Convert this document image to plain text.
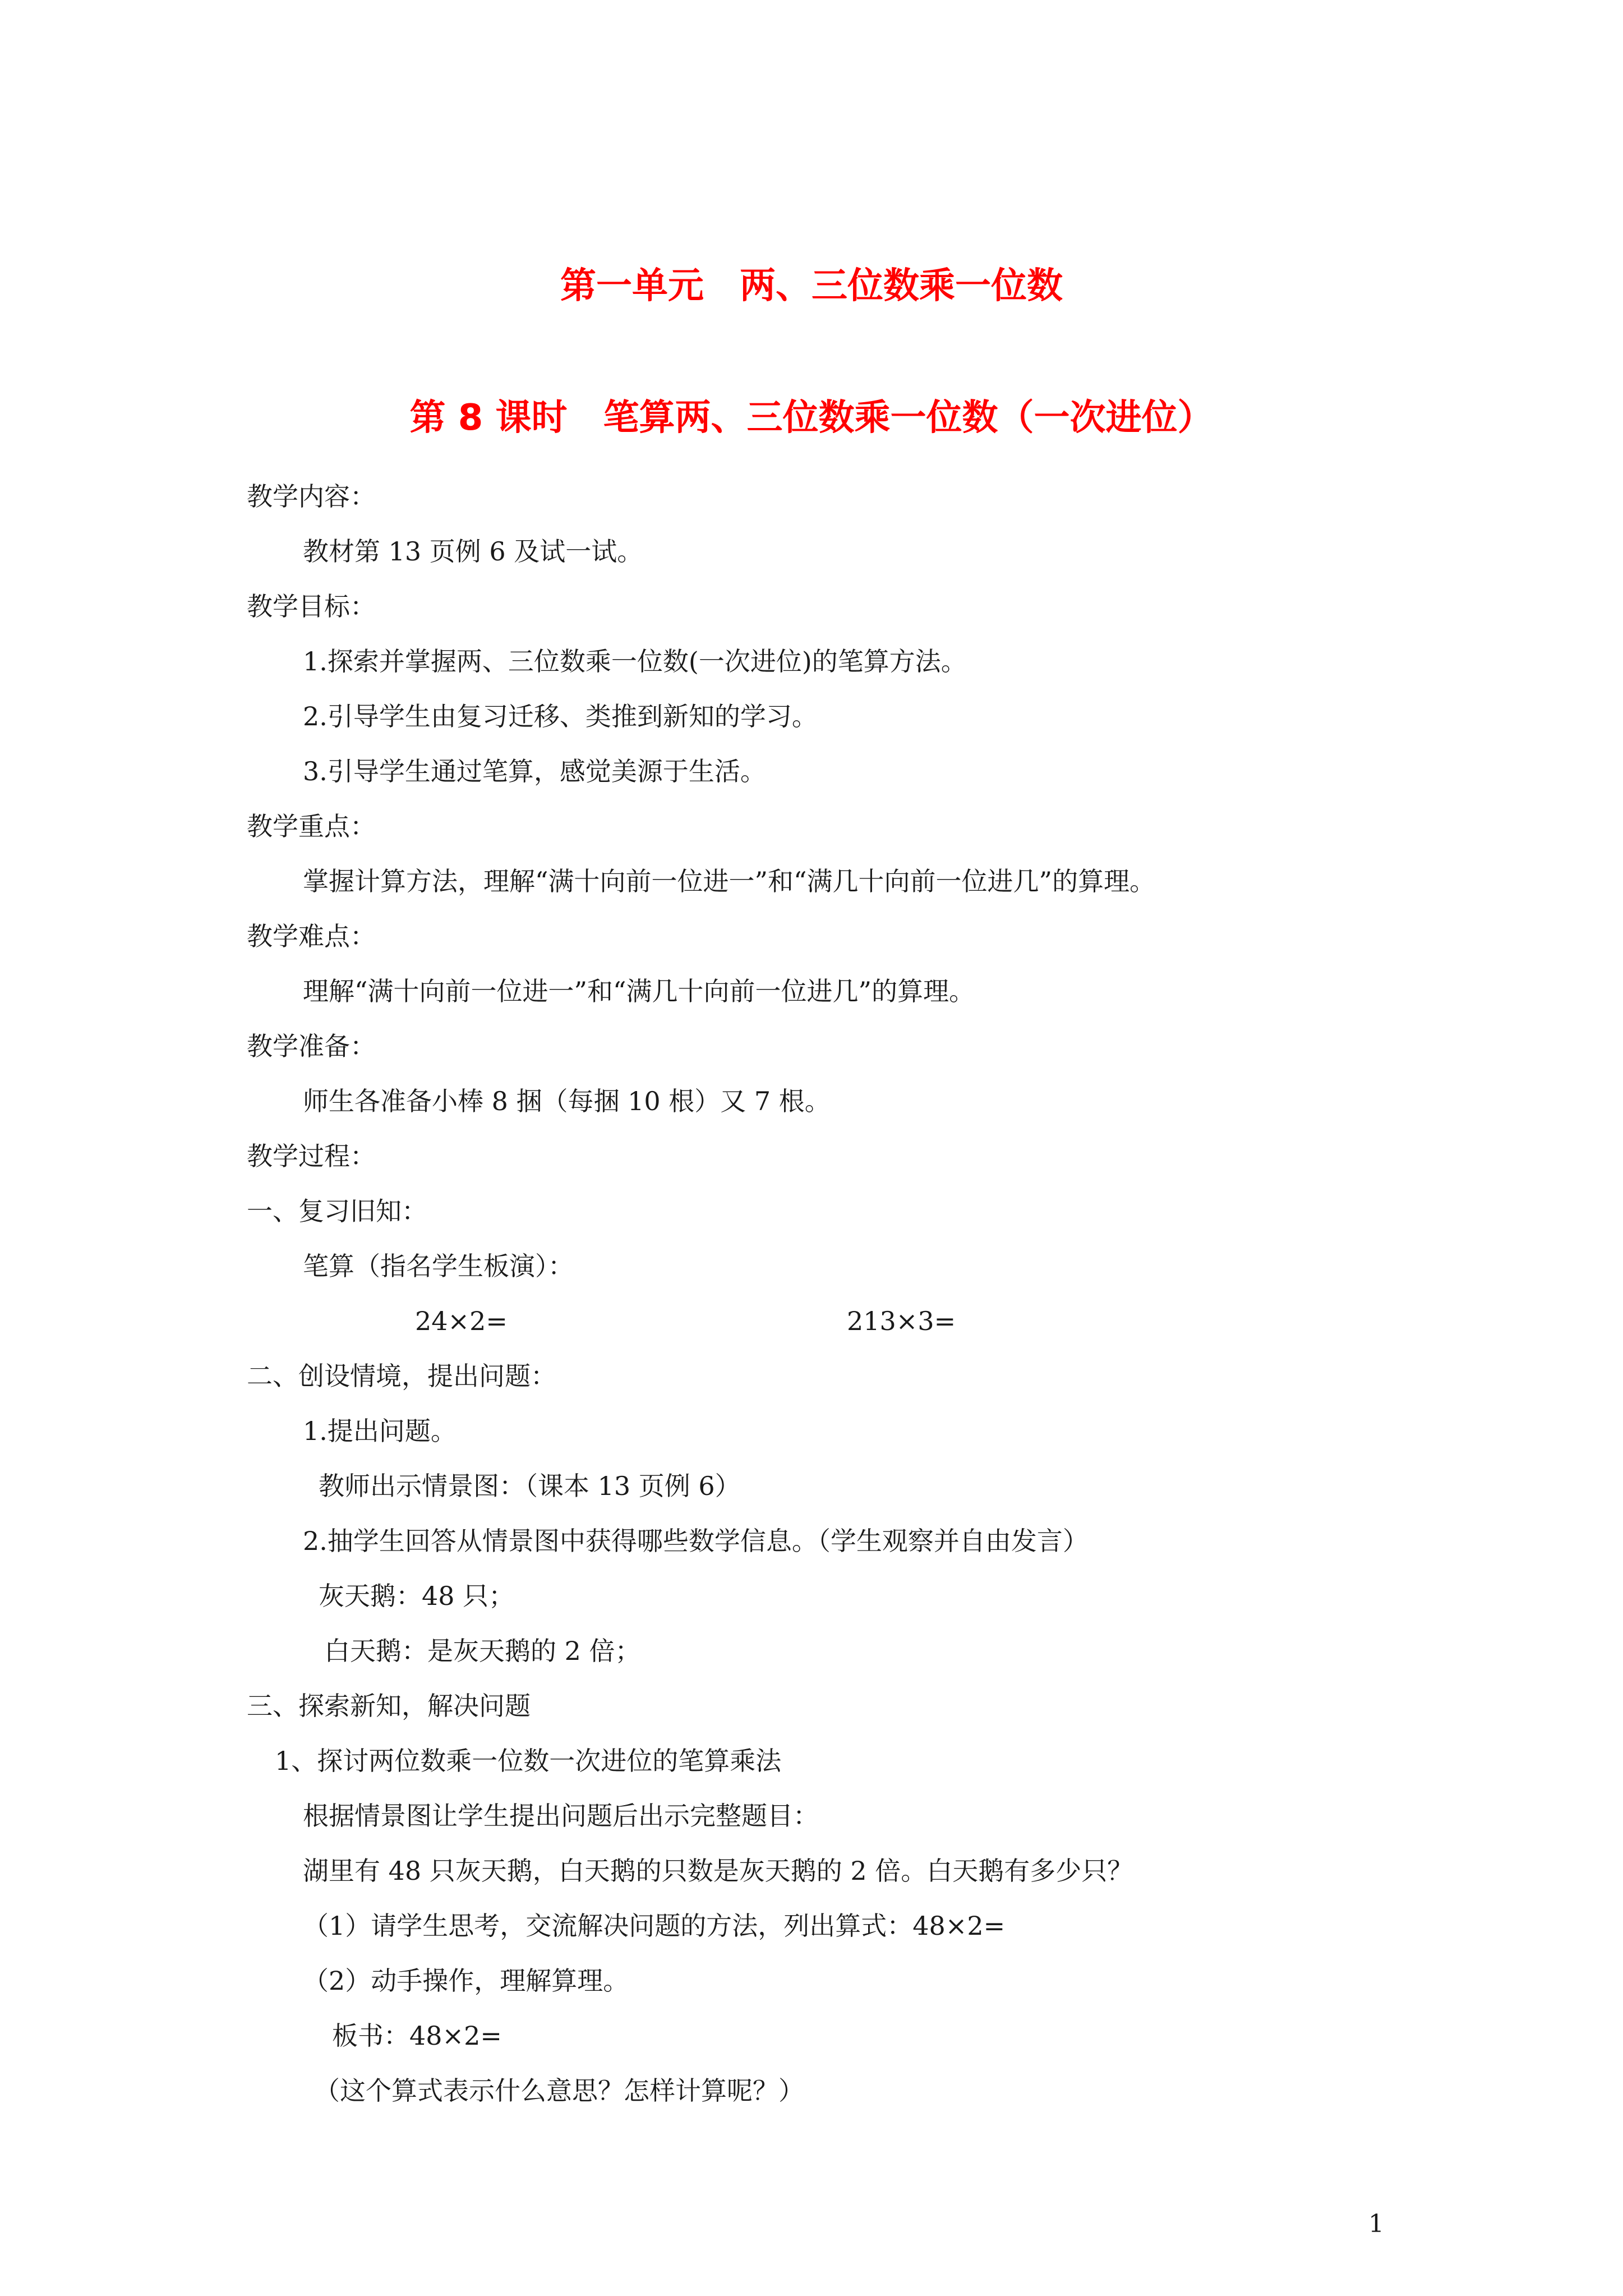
第一单元　两、三位数乘一位数
第 8 课时　笔算两、三位数乘一位数（一次进位）
教学内容：
教材第 13 页例 6 及试一试。
教学目标：
1.探索并掌握两、三位数乘一位数(一次进位)的笔算方法。
2.引导学生由复习迁移、类推到新知的学习。
3.引导学生通过笔算，感觉美源于生活。
教学重点：
掌握计算方法，理解“满十向前一位进一”和“满几十向前一位进几”的算理。
教学难点：
理解“满十向前一位进一”和“满几十向前一位进几”的算理。
教学准备：
师生各准备小棒 8 捆（每捆 10 根）又 7 根。
教学过程：
一、复习旧知：
笔算（指名学生板演）：
24×2=	213×3=
二、创设情境，提出问题：
1.提出问题。
教师出示情景图：（课本 13 页例 6）
2.抽学生回答从情景图中获得哪些数学信息。（学生观察并自由发言）
灰天鹅：48 只；
白天鹅：是灰天鹅的 2 倍；
三、探索新知，解决问题
1、探讨两位数乘一位数一次进位的笔算乘法
根据情景图让学生提出问题后出示完整题目：
湖里有 48 只灰天鹅，白天鹅的只数是灰天鹅的 2 倍。白天鹅有多少只？
（1）请学生思考，交流解决问题的方法，列出算式：48×2=
（2）动手操作，理解算理。
板书：48×2=
（这个算式表示什么意思？怎样计算呢？）
1
